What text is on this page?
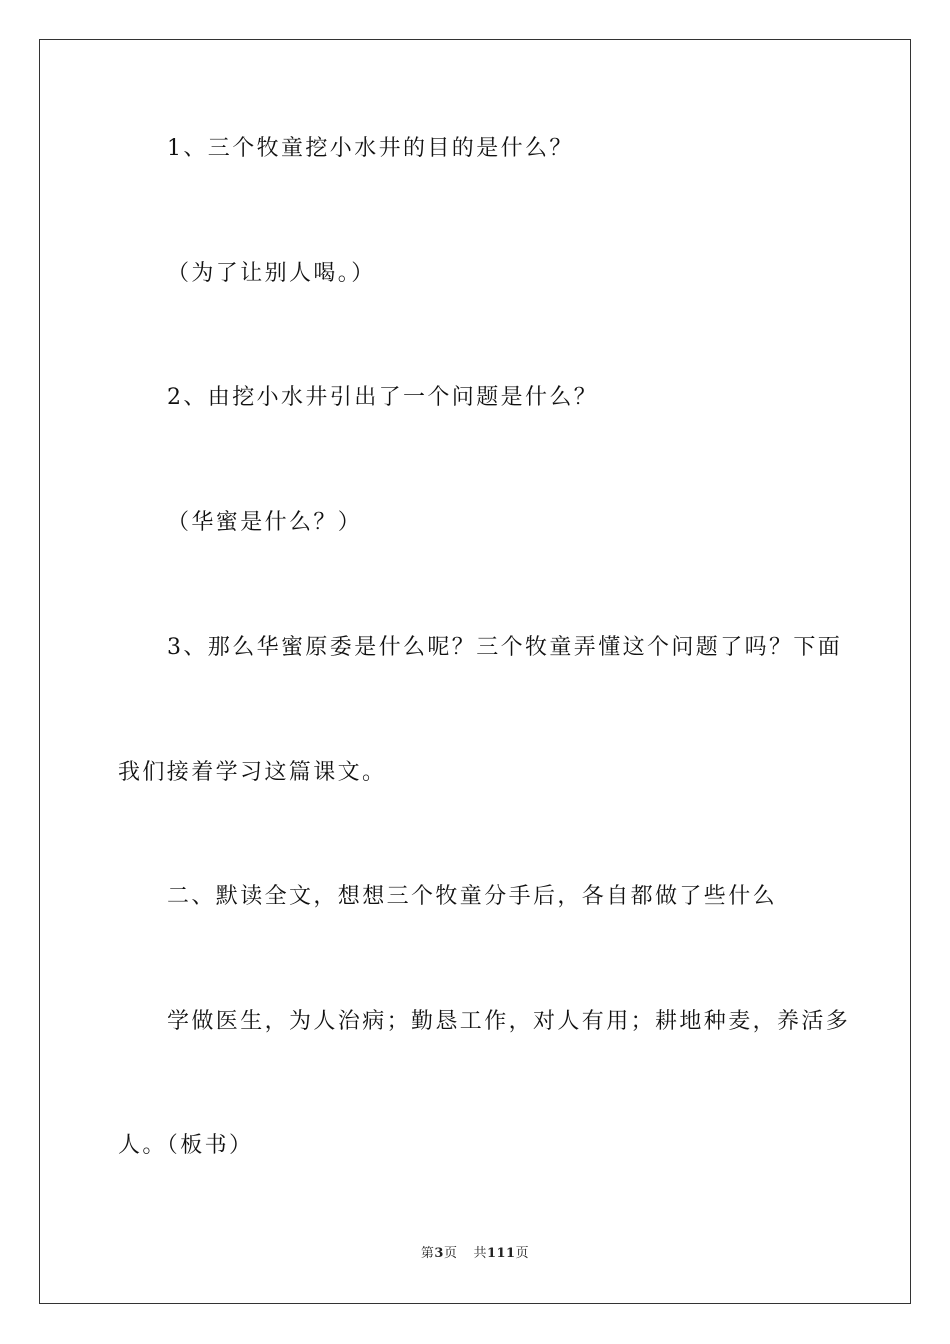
1、三个牧童挖小水井的目的是什么？
（为了让别人喝。）
2、由挖小水井引出了一个问题是什么？
（华蜜是什么？）
3、那么华蜜原委是什么呢？三个牧童弄懂这个问题了吗？下面
我们接着学习这篇课文。
二、默读全文，想想三个牧童分手后，各自都做了些什么
学做医生，为人治病；勤恳工作，对人有用；耕地种麦，养活多
人。（板书）
第3页 共111页
